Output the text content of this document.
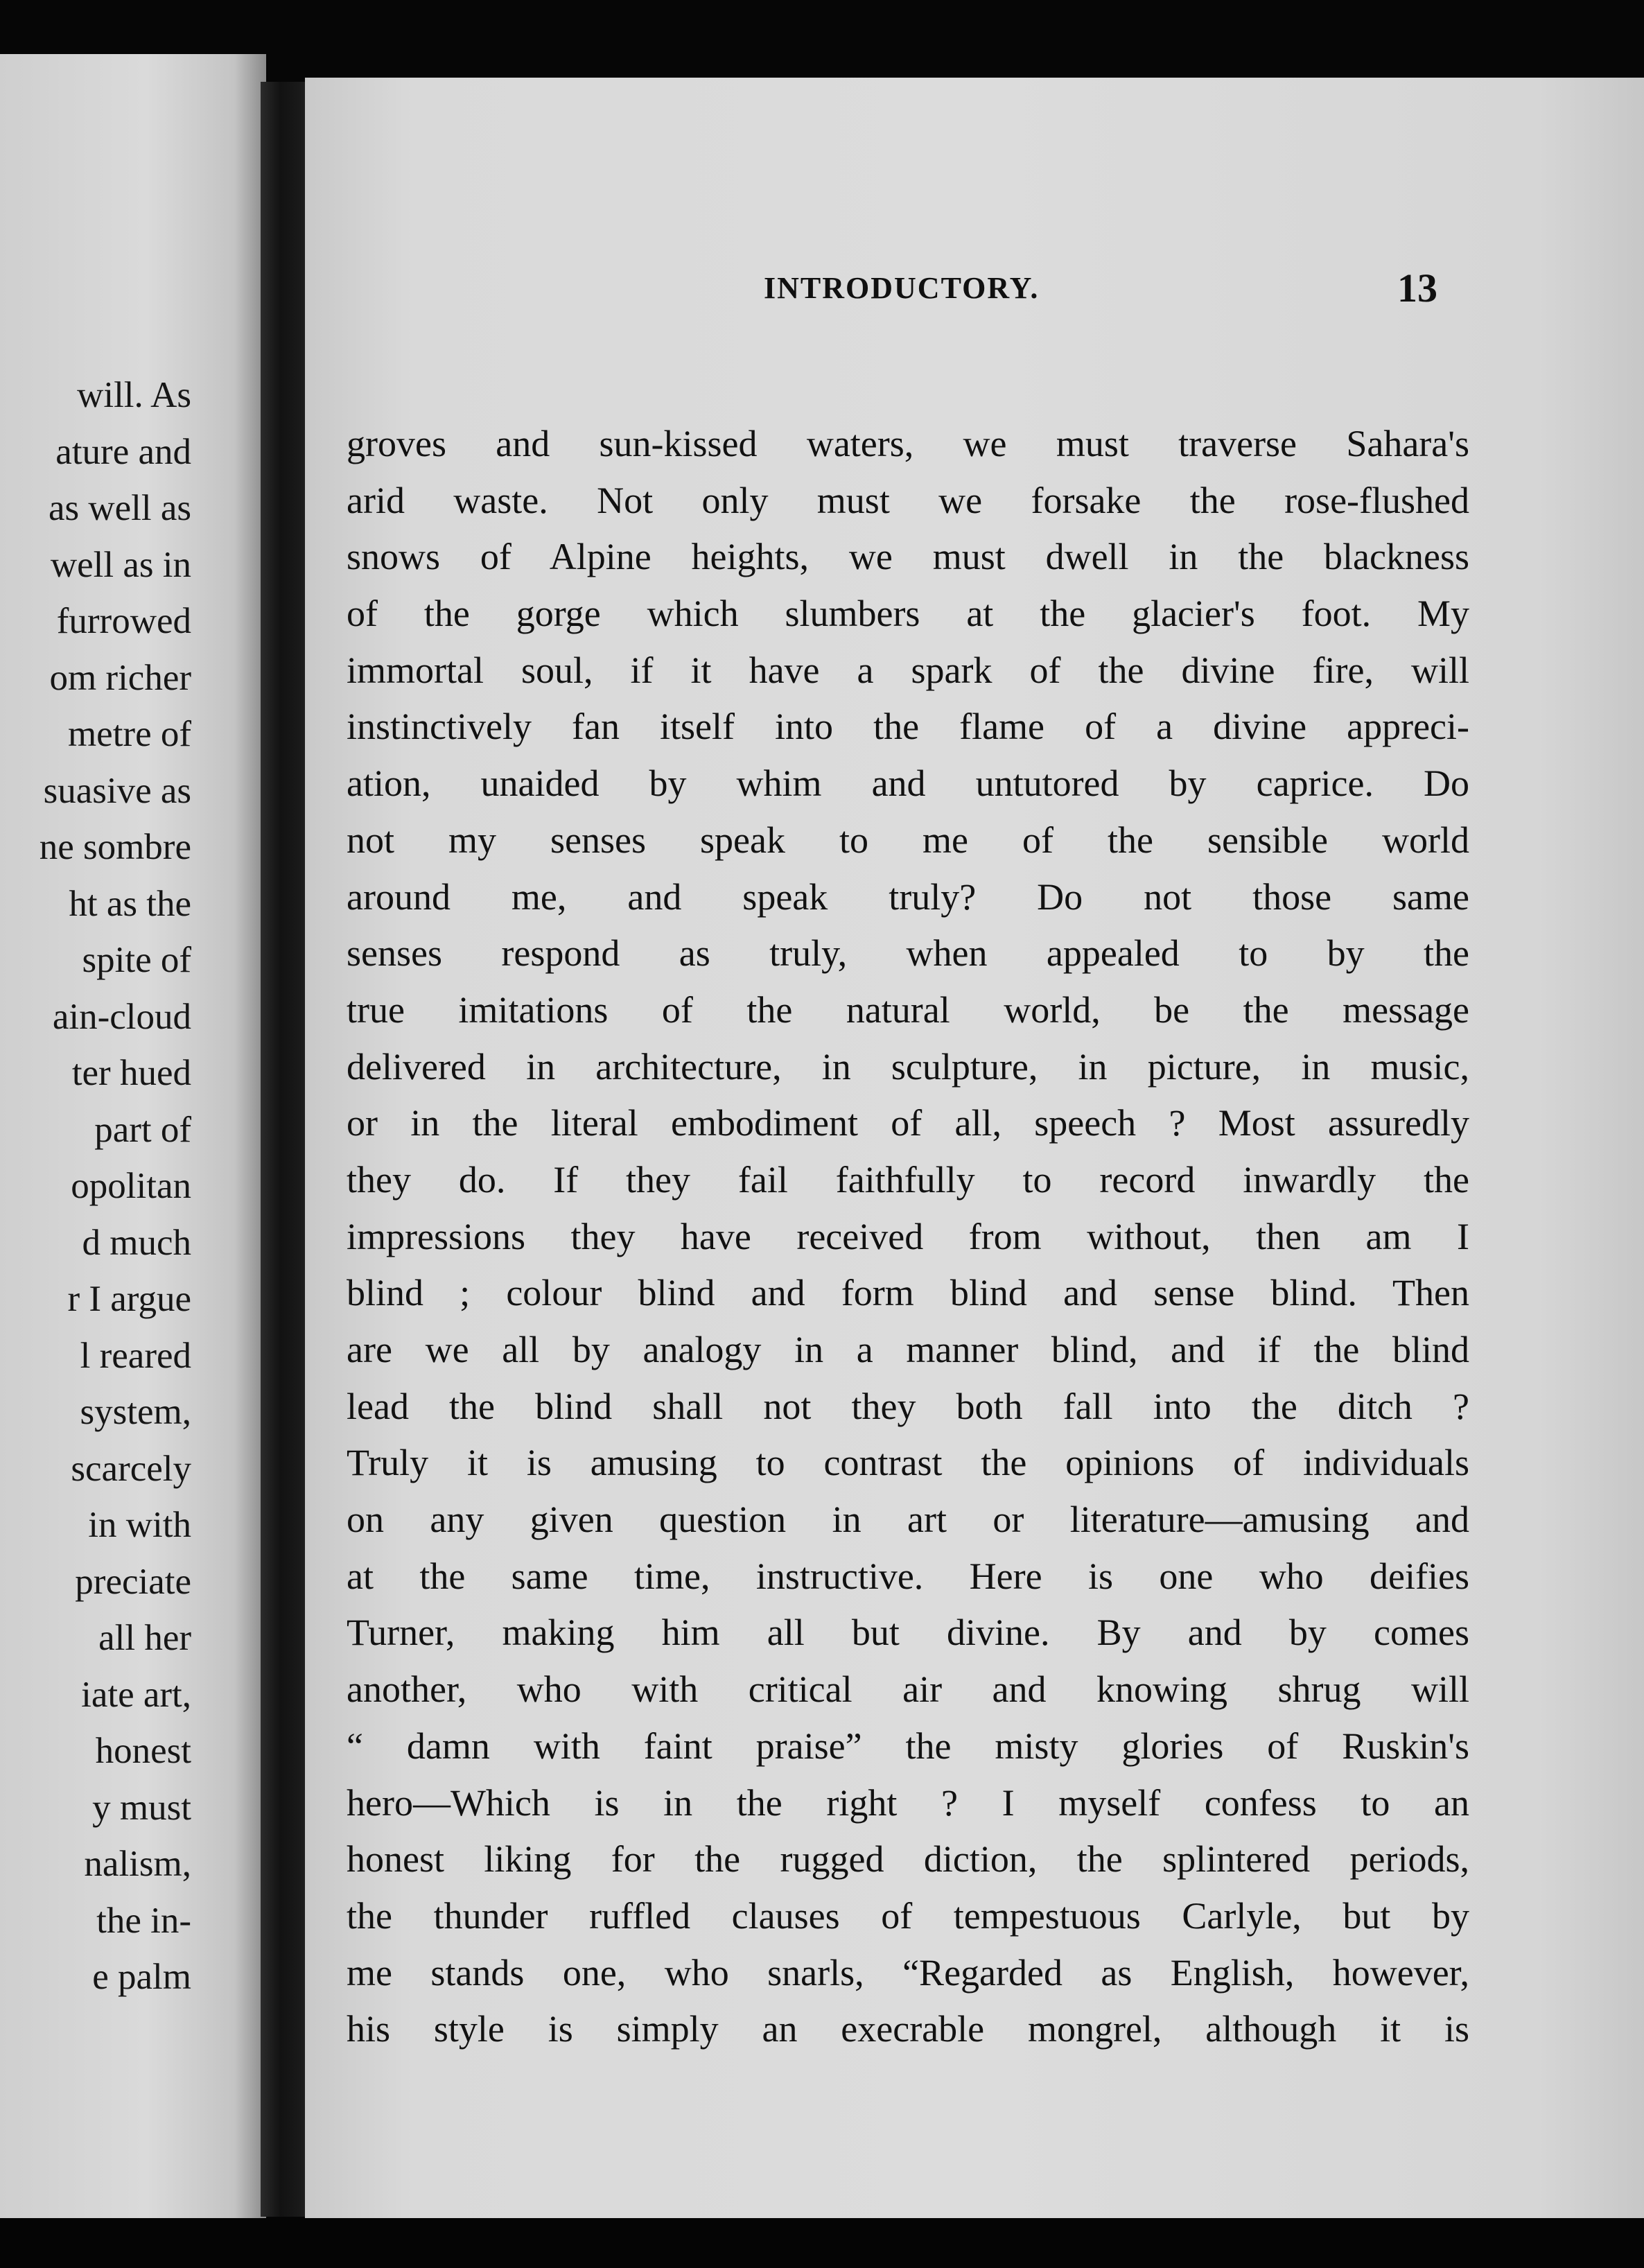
will. As
ature and
as well as
well as in
furrowed
om richer
metre of
suasive as
ne sombre
ht as the
spite of
ain-cloud
ter hued
part of
opolitan
d much
r I argue
l reared
system,
scarcely
in with
preciate
all her
iate art,
honest
y must
nalism,
the in-
e palm
INTRODUCTORY.	13
groves and sun-kissed waters, we must traverse Sahara's
arid waste. Not only must we forsake the rose-flushed
snows of Alpine heights, we must dwell in the blackness
of the gorge which slumbers at the glacier's foot. My
immortal soul, if it have a spark of the divine fire, will
instinctively fan itself into the flame of a divine appreci-
ation, unaided by whim and untutored by caprice. Do
not my senses speak to me of the sensible world
around me, and speak truly? Do not those same
senses respond as truly, when appealed to by the
true imitations of the natural world, be the message
delivered in architecture, in sculpture, in picture, in music,
or in the literal embodiment of all, speech ? Most assuredly
they do. If they fail faithfully to record inwardly the
impressions they have received from without, then am I
blind ; colour blind and form blind and sense blind. Then
are we all by analogy in a manner blind, and if the blind
lead the blind shall not they both fall into the ditch ?
Truly it is amusing to contrast the opinions of individuals
on any given question in art or literature—amusing and
at the same time, instructive. Here is one who deifies
Turner, making him all but divine. By and by comes
another, who with critical air and knowing shrug will
“ damn with faint praise” the misty glories of Ruskin's
hero—Which is in the right ? I myself confess to an
honest liking for the rugged diction, the splintered periods,
the thunder ruffled clauses of tempestuous Carlyle, but by
me stands one, who snarls, “Regarded as English, however,
his style is simply an execrable mongrel, although it is
